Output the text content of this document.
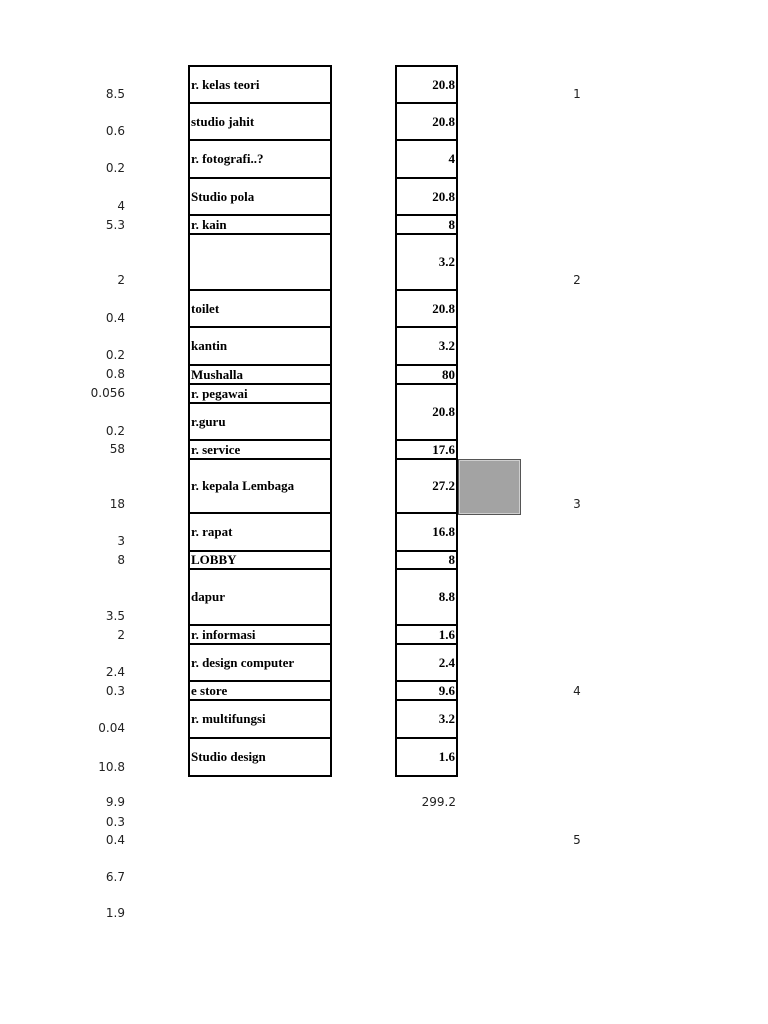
8.5
0.6
0.2
4
5.3
2
0.4
0.2
0.8
0.056
0.2
58
18
3
8
3.5
2
2.4
0.3
0.04
10.8
9.9
0.3
0.4
6.7
1.9
1
2
3
4
5
r. kelas teori
studio jahit
r. fotografi..?
Studio pola
r. kain
toilet
kantin
Mushalla
r. pegawai
r.guru
r. service
r. kepala Lembaga
r. rapat
LOBBY
dapur
r. informasi
r. design computer
e store
r. multifungsi
Studio design
20.8
20.8
4
20.8
8
3.2
20.8
3.2
80
20.8
17.6
27.2
16.8
8
8.8
1.6
2.4
9.6
3.2
1.6
299.2
